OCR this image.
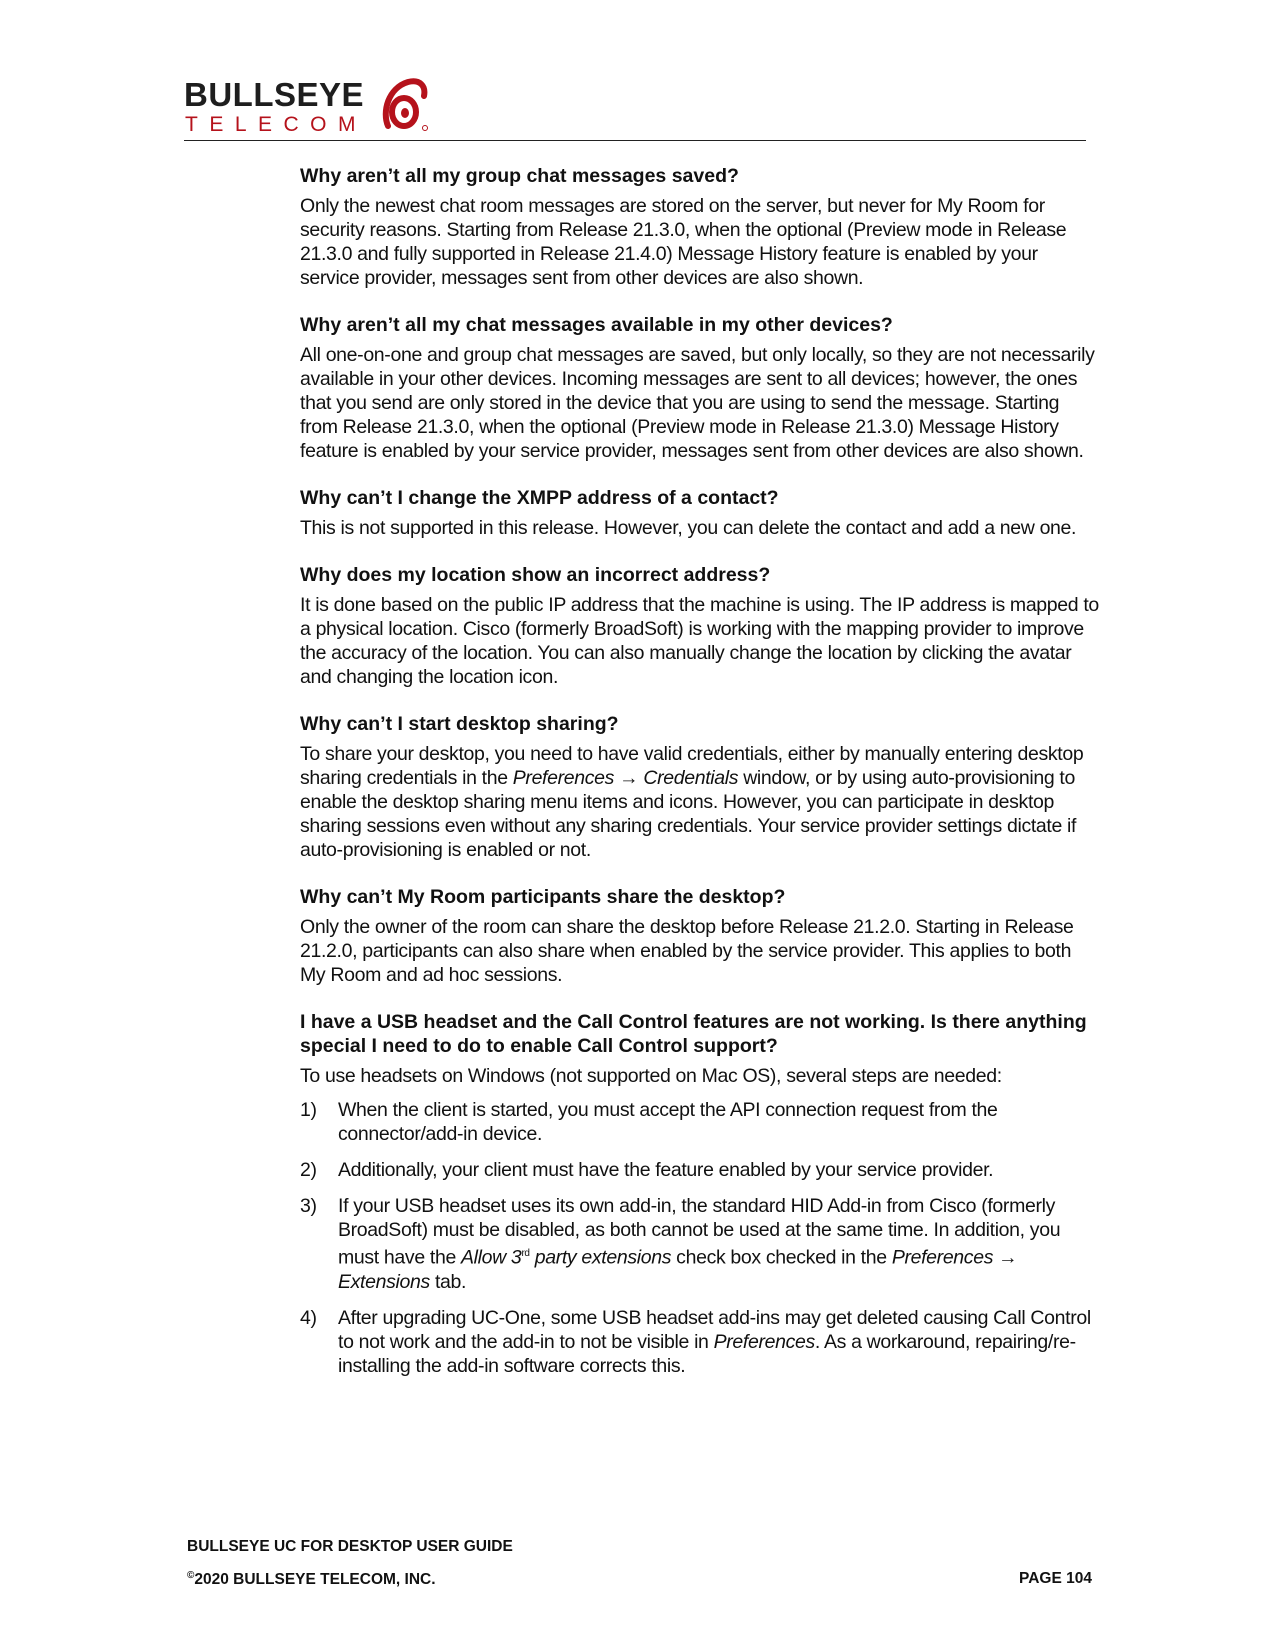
BULLSEYE
TELECOM
Why aren’t all my group chat messages saved?
Only the newest chat room messages are stored on the server, but never for My Room for security reasons. Starting from Release 21.3.0, when the optional (Preview mode in Release 21.3.0 and fully supported in Release 21.4.0) Message History feature is enabled by your service provider, messages sent from other devices are also shown.
Why aren’t all my chat messages available in my other devices?
All one-on-one and group chat messages are saved, but only locally, so they are not necessarily available in your other devices. Incoming messages are sent to all devices; however, the ones that you send are only stored in the device that you are using to send the message. Starting from Release 21.3.0, when the optional (Preview mode in Release 21.3.0) Message History feature is enabled by your service provider, messages sent from other devices are also shown.
Why can’t I change the XMPP address of a contact?
This is not supported in this release. However, you can delete the contact and add a new one.
Why does my location show an incorrect address?
It is done based on the public IP address that the machine is using. The IP address is mapped to a physical location. Cisco (formerly BroadSoft) is working with the mapping provider to improve the accuracy of the location. You can also manually change the location by clicking the avatar and changing the location icon.
Why can’t I start desktop sharing?
To share your desktop, you need to have valid credentials, either by manually entering desktop sharing credentials in the Preferences → Credentials window, or by using auto-provisioning to enable the desktop sharing menu items and icons. However, you can participate in desktop sharing sessions even without any sharing credentials. Your service provider settings dictate if auto-provisioning is enabled or not.
Why can’t My Room participants share the desktop?
Only the owner of the room can share the desktop before Release 21.2.0. Starting in Release 21.2.0, participants can also share when enabled by the service provider. This applies to both My Room and ad hoc sessions.
I have a USB headset and the Call Control features are not working. Is there anything special I need to do to enable Call Control support?
To use headsets on Windows (not supported on Mac OS), several steps are needed:
1) When the client is started, you must accept the API connection request from the connector/add-in device.
2) Additionally, your client must have the feature enabled by your service provider.
3) If your USB headset uses its own add-in, the standard HID Add-in from Cisco (formerly BroadSoft) must be disabled, as both cannot be used at the same time. In addition, you must have the Allow 3rd party extensions check box checked in the Preferences → Extensions tab.
4) After upgrading UC-One, some USB headset add-ins may get deleted causing Call Control to not work and the add-in to not be visible in Preferences. As a workaround, repairing/re-installing the add-in software corrects this.
BULLSEYE UC FOR DESKTOP USER GUIDE
©2020 BULLSEYE TELECOM, INC.	PAGE 104
